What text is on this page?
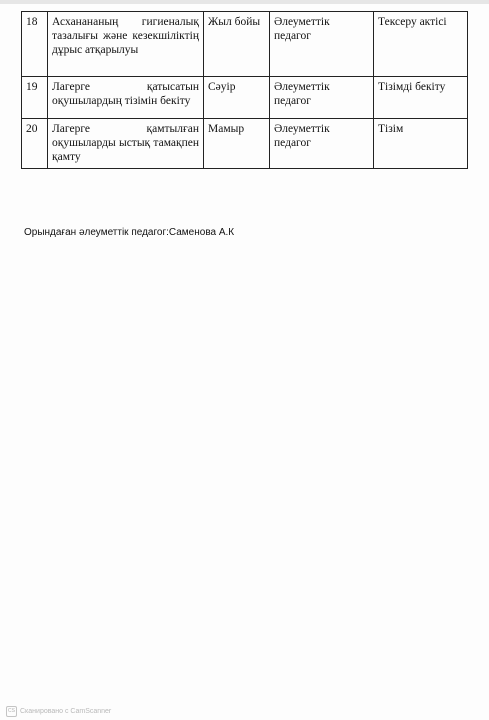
18	Асханананың гигиеналық тазалығы және кезекшіліктің дұрыс атқарылуы	Жыл бойы	Әлеуметтік педагог	Тексеру актісі
19	Лагерге қатысатын оқушылардың тізімін бекіту	Сәуір	Әлеуметтік педагог	Тізімді бекіту
20	Лагерге қамтылған оқушыларды ыстық тамақпен қамту	Мамыр	Әлеуметтік педагог	Тізім
Орындаған әлеуметтік педагог:Саменова А.К
CS Сканировано с CamScanner
